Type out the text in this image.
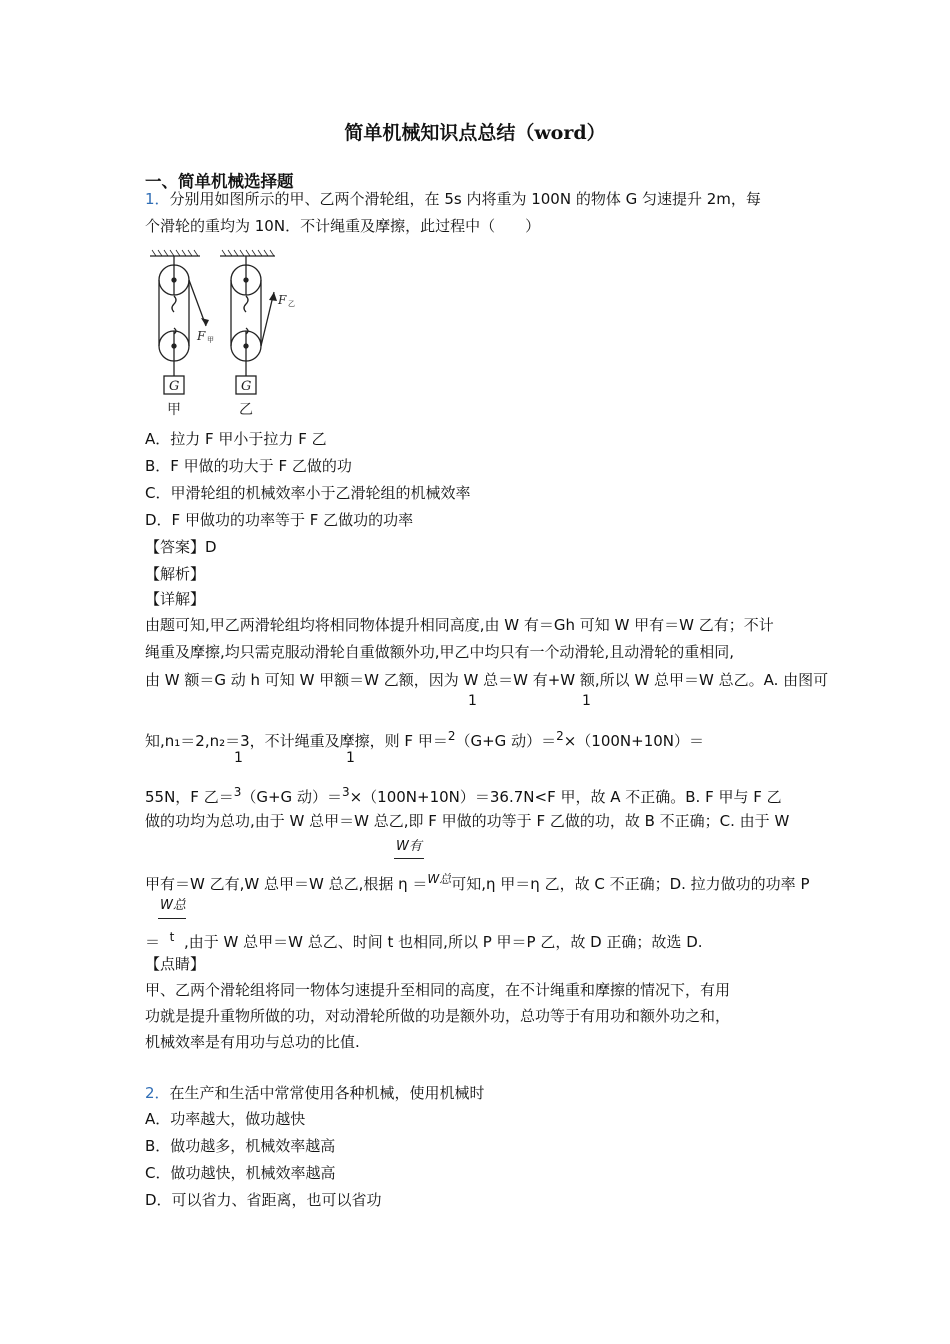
简单机械知识点总结（word）
一、简单机械选择题
1．分别用如图所示的甲、乙两个滑轮组，在 5s 内将重为 100N 的物体 G 匀速提升 2m，每
个滑轮的重均为 10N．不计绳重及摩擦，此过程中（　　）
F 甲
F 乙
G	G
甲	乙
A．拉力 F 甲小于拉力 F 乙
B．F 甲做的功大于 F 乙做的功
C．甲滑轮组的机械效率小于乙滑轮组的机械效率
D．F 甲做功的功率等于 F 乙做功的功率
【答案】D
【解析】
【详解】
由题可知,甲乙两滑轮组均将相同物体提升相同高度,由 W 有＝Gh 可知 W 甲有＝W 乙有；不计
绳重及摩擦,均只需克服动滑轮自重做额外功,甲乙中均只有一个动滑轮,且动滑轮的重相同,
由 W 额＝G 动 h 可知 W 甲额＝W 乙额，因为 W 总＝W 有+W 额,所以 W 总甲＝W 总乙。A. 由图可
1	1
知,n₁＝2,n₂＝3，不计绳重及摩擦，则 F 甲＝$^2$（G+G 动）＝$^2$×（100N+10N）＝
1	1
55N，F 乙＝$^3$（G+G 动）＝$^3$×（100N+10N）＝36.7N<F 甲，故 A 不正确。B. F 甲与 F 乙
做的功均为总功,由于 W 总甲＝W 总乙,即 F 甲做的功等于 F 乙做的功，故 B 不正确；C. 由于 W
W有
甲有＝W 乙有,W 总甲＝W 总乙,根据 η ＝$^{W总}$可知,η 甲＝η 乙，故 C 不正确；D. 拉力做功的功率 P
W总
＝ t ,由于 W 总甲＝W 总乙、时间 t 也相同,所以 P 甲＝P 乙，故 D 正确；故选 D.
【点睛】
甲、乙两个滑轮组将同一物体匀速提升至相同的高度，在不计绳重和摩擦的情况下，有用
功就是提升重物所做的功，对动滑轮所做的功是额外功，总功等于有用功和额外功之和，
机械效率是有用功与总功的比值.
2．在生产和生活中常常使用各种机械，使用机械时
A．功率越大，做功越快
B．做功越多，机械效率越高
C．做功越快，机械效率越高
D．可以省力、省距离，也可以省功
